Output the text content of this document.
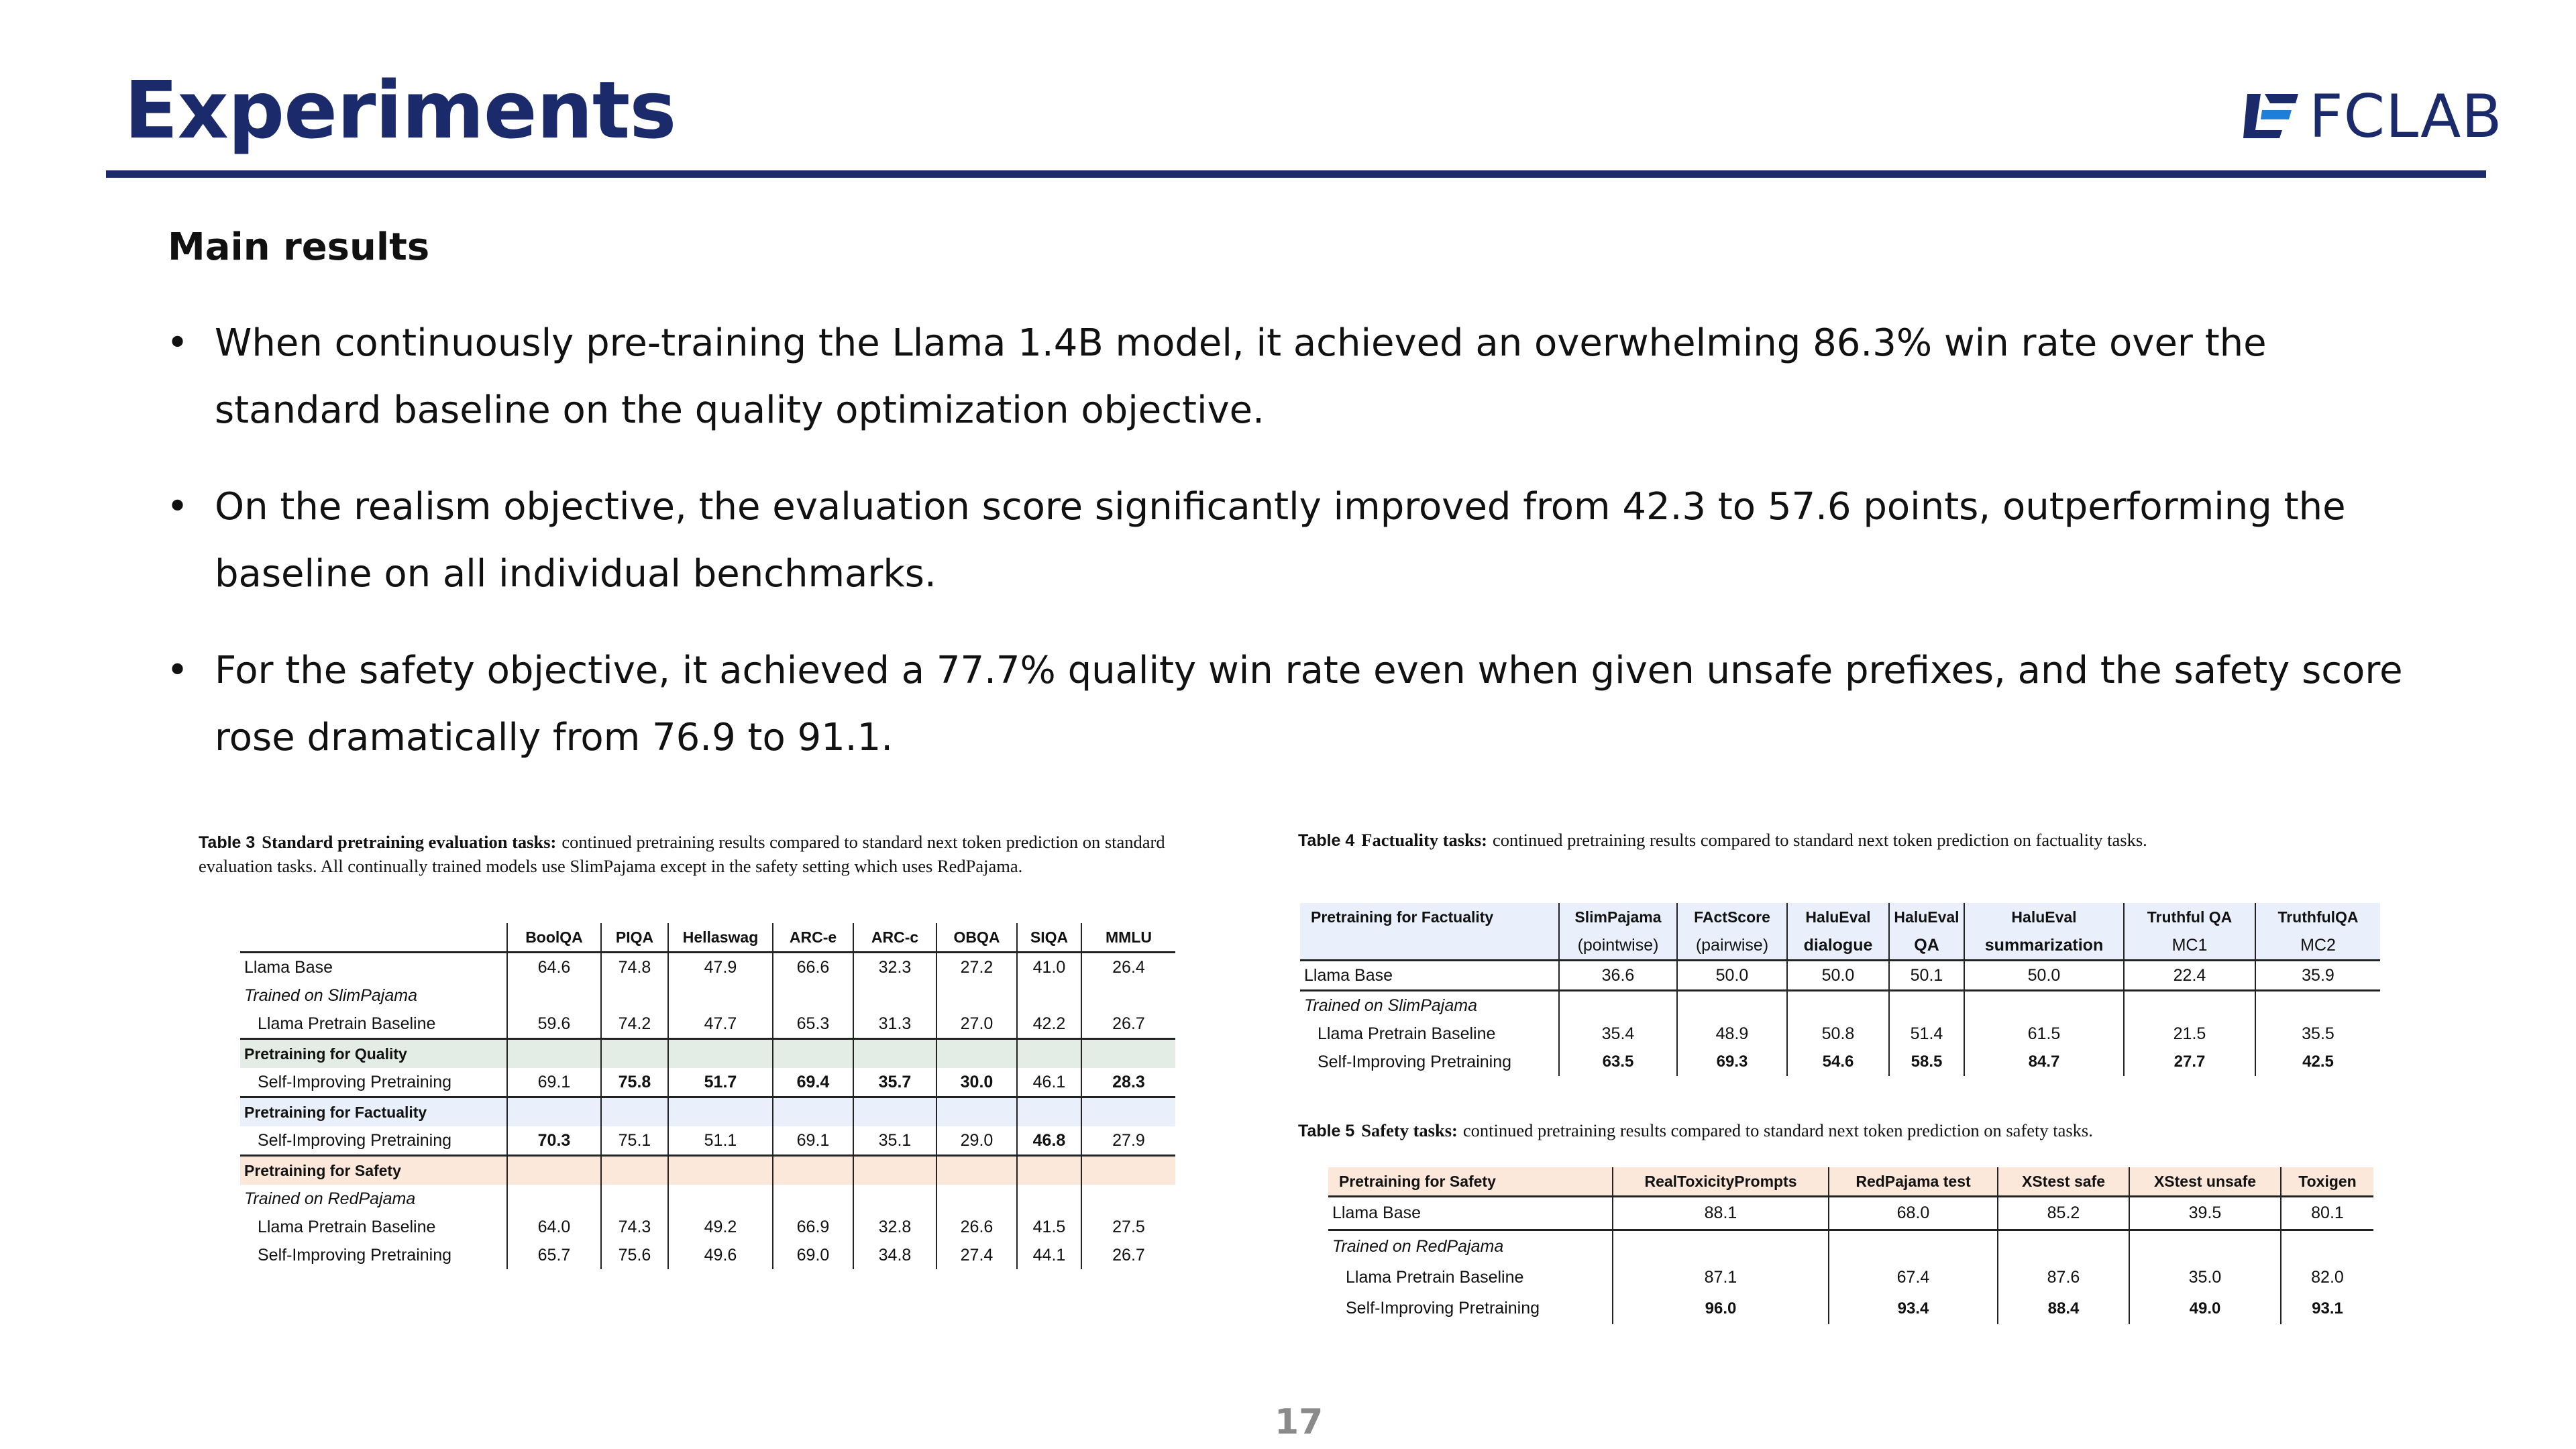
Experiments	FCLAB
Main results
• When continuously pre-training the Llama 1.4B model, it achieved an overwhelming 86.3% win rate over the standard baseline on the quality optimization objective.
• On the realism objective, the evaluation score significantly improved from 42.3 to 57.6 points, outperforming the baseline on all individual benchmarks.
• For the safety objective, it achieved a 77.7% quality win rate even when given unsafe prefixes, and the safety score rose dramatically from 76.9 to 91.1.
Table 3 Standard pretraining evaluation tasks: continued pretraining results compared to standard next token prediction on standard evaluation tasks. All continually trained models use SlimPajama except in the safety setting which uses RedPajama.
	BoolQA	PIQA	Hellaswag	ARC-e	ARC-c	OBQA	SIQA	MMLU
Llama Base	64.6	74.8	47.9	66.6	32.3	27.2	41.0	26.4
Trained on SlimPajama								
Llama Pretrain Baseline	59.6	74.2	47.7	65.3	31.3	27.0	42.2	26.7
Pretraining for Quality								
Self-Improving Pretraining	69.1	75.8	51.7	69.4	35.7	30.0	46.1	28.3
Pretraining for Factuality								
Self-Improving Pretraining	70.3	75.1	51.1	69.1	35.1	29.0	46.8	27.9
Pretraining for Safety								
Trained on RedPajama								
Llama Pretrain Baseline	64.0	74.3	49.2	66.9	32.8	26.6	41.5	27.5
Self-Improving Pretraining	65.7	75.6	49.6	69.0	34.8	27.4	44.1	26.7
Table 4 Factuality tasks: continued pretraining results compared to standard next token prediction on factuality tasks.
Pretraining for Factuality	SlimPajama	FActScore	HaluEval	HaluEval	HaluEval	Truthful QA	TruthfulQA
	(pointwise)	(pairwise)	dialogue	QA	summarization	MC1	MC2
Llama Base	36.6	50.0	50.0	50.1	50.0	22.4	35.9
Trained on SlimPajama							
Llama Pretrain Baseline	35.4	48.9	50.8	51.4	61.5	21.5	35.5
Self-Improving Pretraining	63.5	69.3	54.6	58.5	84.7	27.7	42.5
Table 5 Safety tasks: continued pretraining results compared to standard next token prediction on safety tasks.
Pretraining for Safety	RealToxicityPrompts	RedPajama test	XStest safe	XStest unsafe	Toxigen
Llama Base	88.1	68.0	85.2	39.5	80.1
Trained on RedPajama					
Llama Pretrain Baseline	87.1	67.4	87.6	35.0	82.0
Self-Improving Pretraining	96.0	93.4	88.4	49.0	93.1
17
